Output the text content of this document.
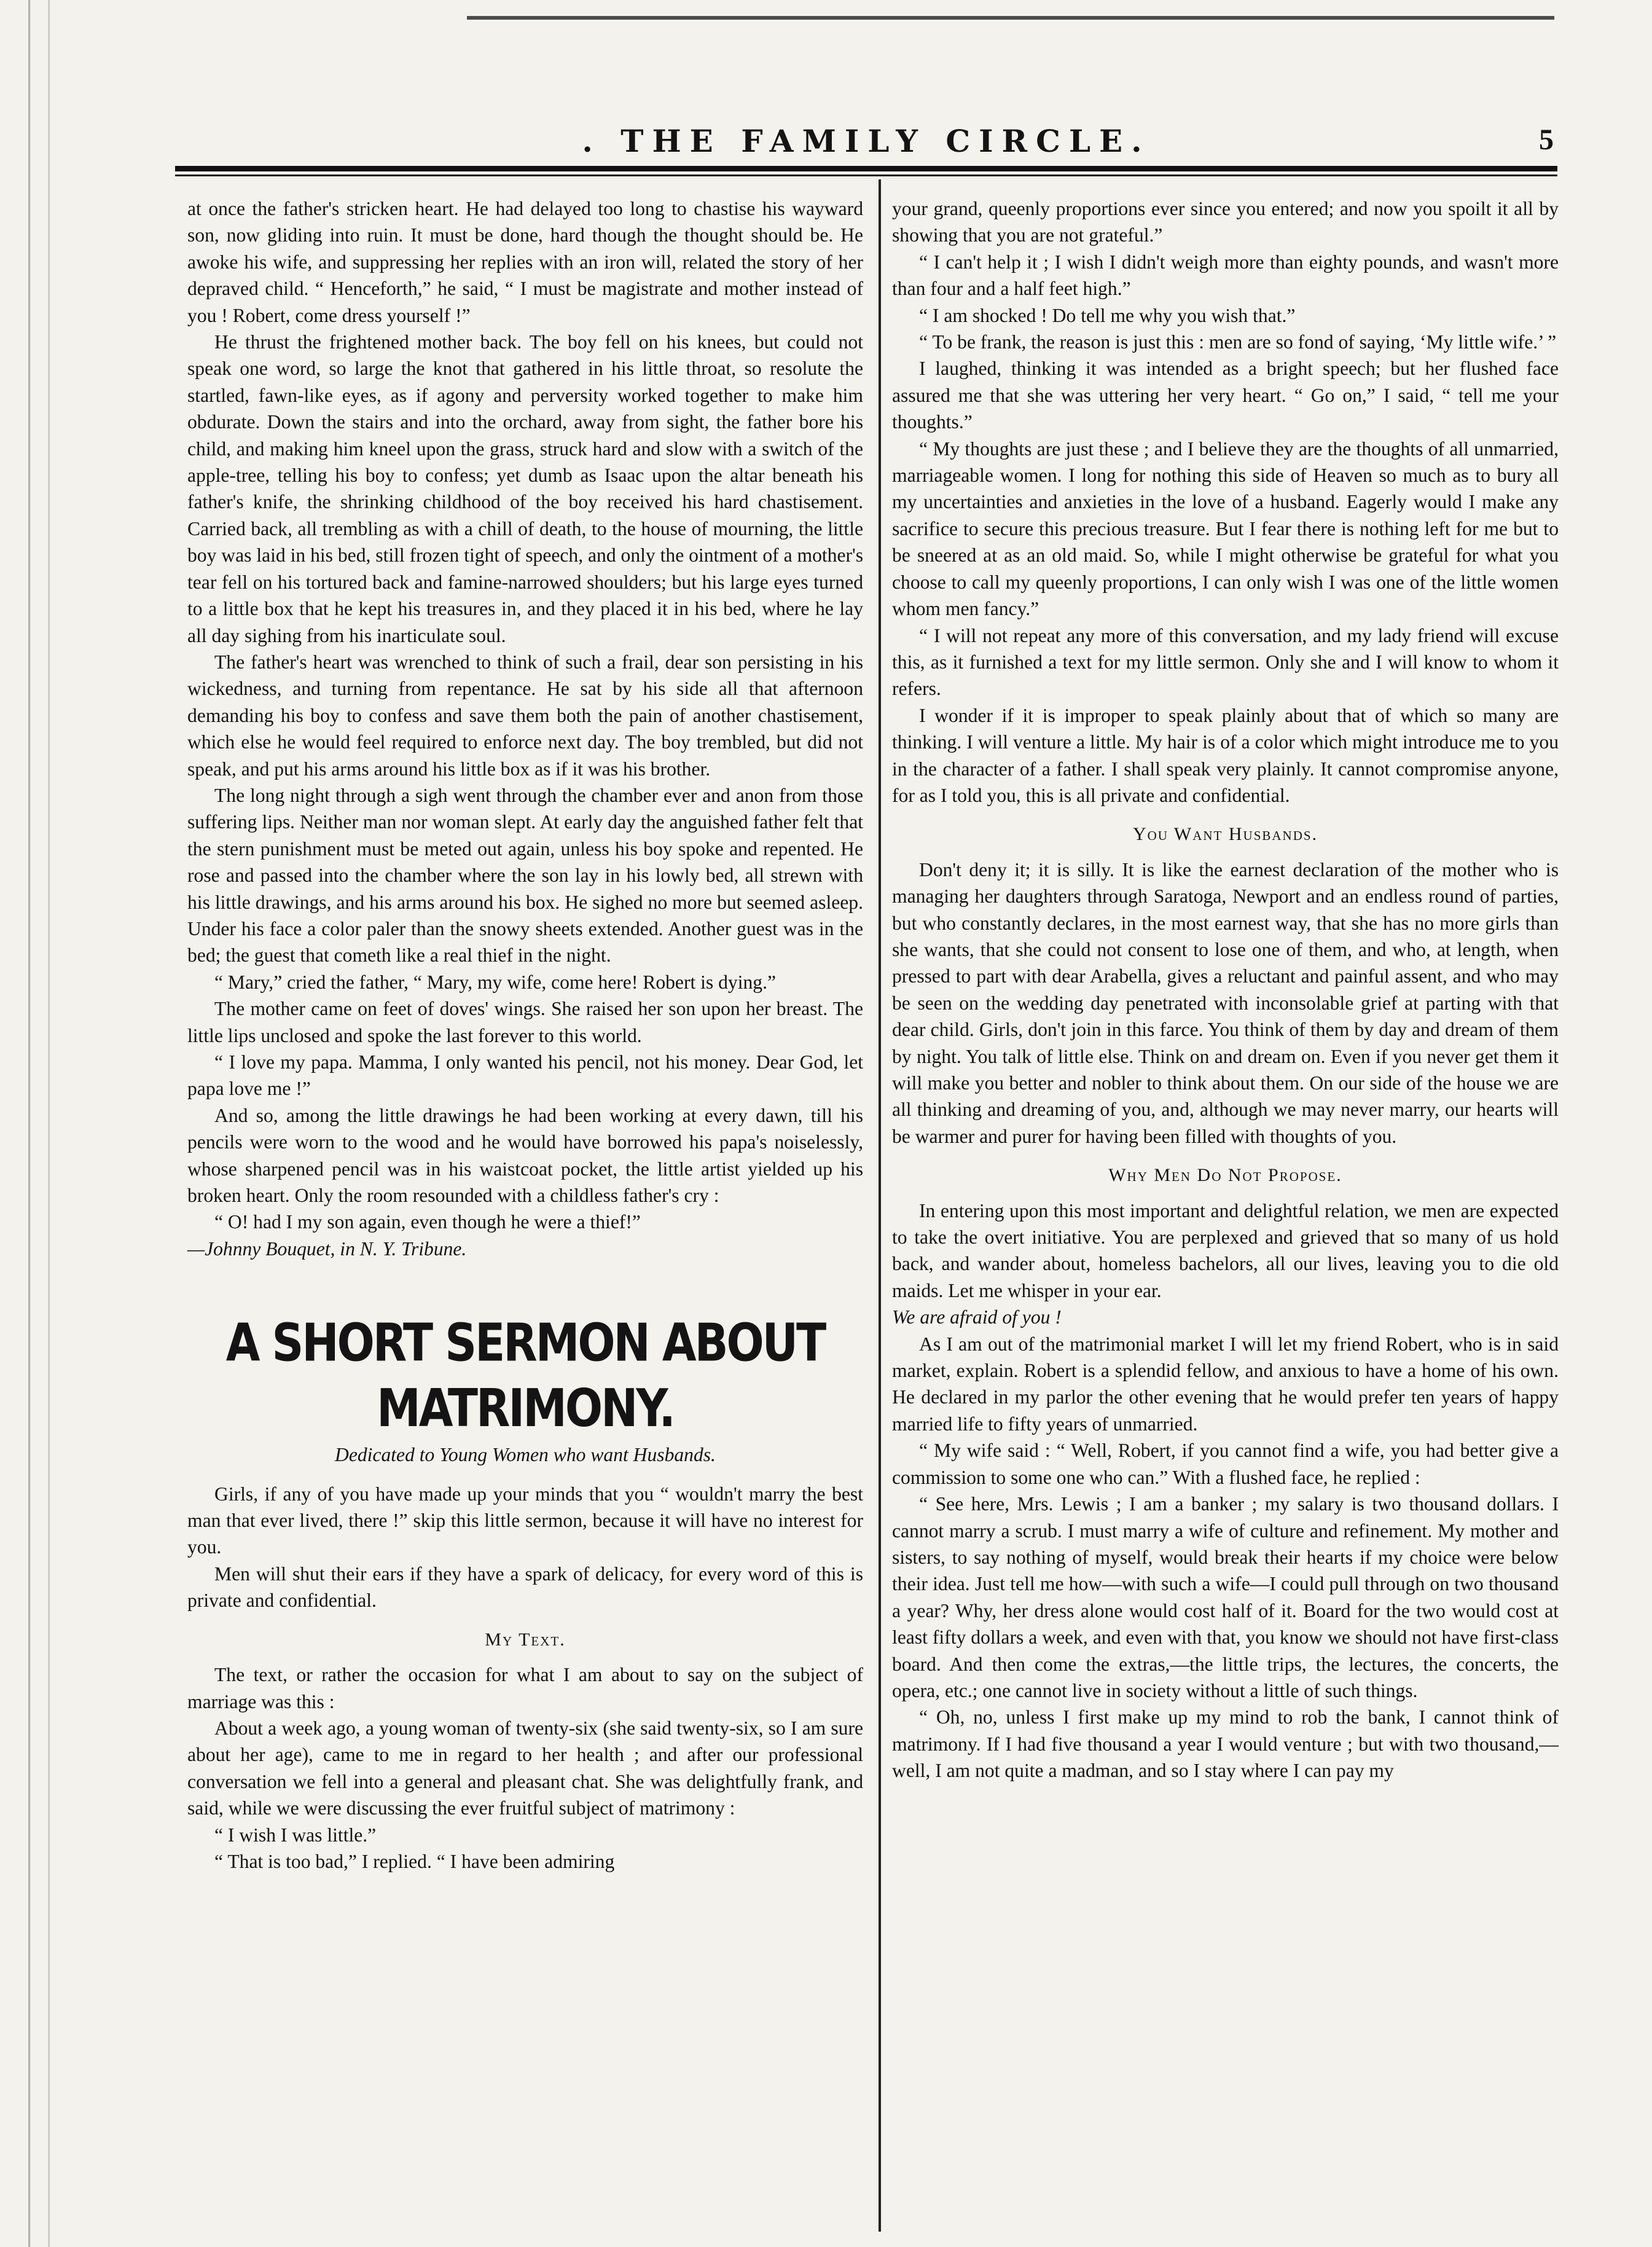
. THE FAMILY CIRCLE.	5

at once the father's stricken heart. He had delayed too long to chastise his wayward son, now gliding into ruin. It must be done, hard though the thought should be. He awoke his wife, and suppressing her replies with an iron will, related the story of her depraved child. “ Henceforth,” he said, “ I must be magistrate and mother instead of you ! Robert, come dress yourself !”

He thrust the frightened mother back. The boy fell on his knees, but could not speak one word, so large the knot that gathered in his little throat, so resolute the startled, fawn-like eyes, as if agony and perversity worked together to make him obdurate. Down the stairs and into the orchard, away from sight, the father bore his child, and making him kneel upon the grass, struck hard and slow with a switch of the apple-tree, telling his boy to confess; yet dumb as Isaac upon the altar beneath his father's knife, the shrinking childhood of the boy received his hard chastisement. Carried back, all trembling as with a chill of death, to the house of mourning, the little boy was laid in his bed, still frozen tight of speech, and only the ointment of a mother's tear fell on his tortured back and famine-narrowed shoulders; but his large eyes turned to a little box that he kept his treasures in, and they placed it in his bed, where he lay all day sighing from his inarticulate soul.

The father's heart was wrenched to think of such a frail, dear son persisting in his wickedness, and turning from repentance. He sat by his side all that afternoon demanding his boy to confess and save them both the pain of another chastisement, which else he would feel required to enforce next day. The boy trembled, but did not speak, and put his arms around his little box as if it was his brother.

The long night through a sigh went through the chamber ever and anon from those suffering lips. Neither man nor woman slept. At early day the anguished father felt that the stern punishment must be meted out again, unless his boy spoke and repented. He rose and passed into the chamber where the son lay in his lowly bed, all strewn with his little drawings, and his arms around his box. He sighed no more but seemed asleep. Under his face a color paler than the snowy sheets extended. Another guest was in the bed; the guest that cometh like a real thief in the night.

“ Mary,” cried the father, “ Mary, my wife, come here! Robert is dying.”

The mother came on feet of doves' wings. She raised her son upon her breast. The little lips unclosed and spoke the last forever to this world.

“ I love my papa. Mamma, I only wanted his pencil, not his money. Dear God, let papa love me !”

And so, among the little drawings he had been working at every dawn, till his pencils were worn to the wood and he would have borrowed his papa's noiselessly, whose sharpened pencil was in his waistcoat pocket, the little artist yielded up his broken heart. Only the room resounded with a childless father's cry :

“ O! had I my son again, even though he were a thief!”

—Johnny Bouquet, in N. Y. Tribune.

A SHORT SERMON ABOUT MATRIMONY.
Dedicated to Young Women who want Husbands.

Girls, if any of you have made up your minds that you “ wouldn't marry the best man that ever lived, there !” skip this little sermon, because it will have no interest for you.

Men will shut their ears if they have a spark of delicacy, for every word of this is private and confidential.

My Text.

The text, or rather the occasion for what I am about to say on the subject of marriage was this :

About a week ago, a young woman of twenty-six (she said twenty-six, so I am sure about her age), came to me in regard to her health ; and after our professional conversation we fell into a general and pleasant chat. She was delightfully frank, and said, while we were discussing the ever fruitful subject of matrimony :

“ I wish I was little.”

“ That is too bad,” I replied. “ I have been admiring

your grand, queenly proportions ever since you entered; and now you spoilt it all by showing that you are not grateful.”

“ I can't help it ; I wish I didn't weigh more than eighty pounds, and wasn't more than four and a half feet high.”

“ I am shocked ! Do tell me why you wish that.”

“ To be frank, the reason is just this : men are so fond of saying, ‘My little wife.’ ”

I laughed, thinking it was intended as a bright speech; but her flushed face assured me that she was uttering her very heart. “ Go on,” I said, “ tell me your thoughts.”

“ My thoughts are just these ; and I believe they are the thoughts of all unmarried, marriageable women. I long for nothing this side of Heaven so much as to bury all my uncertainties and anxieties in the love of a husband. Eagerly would I make any sacrifice to secure this precious treasure. But I fear there is nothing left for me but to be sneered at as an old maid. So, while I might otherwise be grateful for what you choose to call my queenly proportions, I can only wish I was one of the little women whom men fancy.”

“ I will not repeat any more of this conversation, and my lady friend will excuse this, as it furnished a text for my little sermon. Only she and I will know to whom it refers.

I wonder if it is improper to speak plainly about that of which so many are thinking. I will venture a little. My hair is of a color which might introduce me to you in the character of a father. I shall speak very plainly. It cannot compromise anyone, for as I told you, this is all private and confidential.

You Want Husbands.

Don't deny it; it is silly. It is like the earnest declaration of the mother who is managing her daughters through Saratoga, Newport and an endless round of parties, but who constantly declares, in the most earnest way, that she has no more girls than she wants, that she could not consent to lose one of them, and who, at length, when pressed to part with dear Arabella, gives a reluctant and painful assent, and who may be seen on the wedding day penetrated with inconsolable grief at parting with that dear child. Girls, don't join in this farce. You think of them by day and dream of them by night. You talk of little else. Think on and dream on. Even if you never get them it will make you better and nobler to think about them. On our side of the house we are all thinking and dreaming of you, and, although we may never marry, our hearts will be warmer and purer for having been filled with thoughts of you.

Why Men Do Not Propose.

In entering upon this most important and delightful relation, we men are expected to take the overt initiative. You are perplexed and grieved that so many of us hold back, and wander about, homeless bachelors, all our lives, leaving you to die old maids. Let me whisper in your ear.

We are afraid of you !

As I am out of the matrimonial market I will let my friend Robert, who is in said market, explain. Robert is a splendid fellow, and anxious to have a home of his own. He declared in my parlor the other evening that he would prefer ten years of happy married life to fifty years of unmarried.

“ My wife said : “ Well, Robert, if you cannot find a wife, you had better give a commission to some one who can.” With a flushed face, he replied :

“ See here, Mrs. Lewis ; I am a banker ; my salary is two thousand dollars. I cannot marry a scrub. I must marry a wife of culture and refinement. My mother and sisters, to say nothing of myself, would break their hearts if my choice were below their idea. Just tell me how—with such a wife—I could pull through on two thousand a year? Why, her dress alone would cost half of it. Board for the two would cost at least fifty dollars a week, and even with that, you know we should not have first-class board. And then come the extras,—the little trips, the lectures, the concerts, the opera, etc.; one cannot live in society without a little of such things.

“ Oh, no, unless I first make up my mind to rob the bank, I cannot think of matrimony. If I had five thousand a year I would venture ; but with two thousand,—well, I am not quite a madman, and so I stay where I can pay my
